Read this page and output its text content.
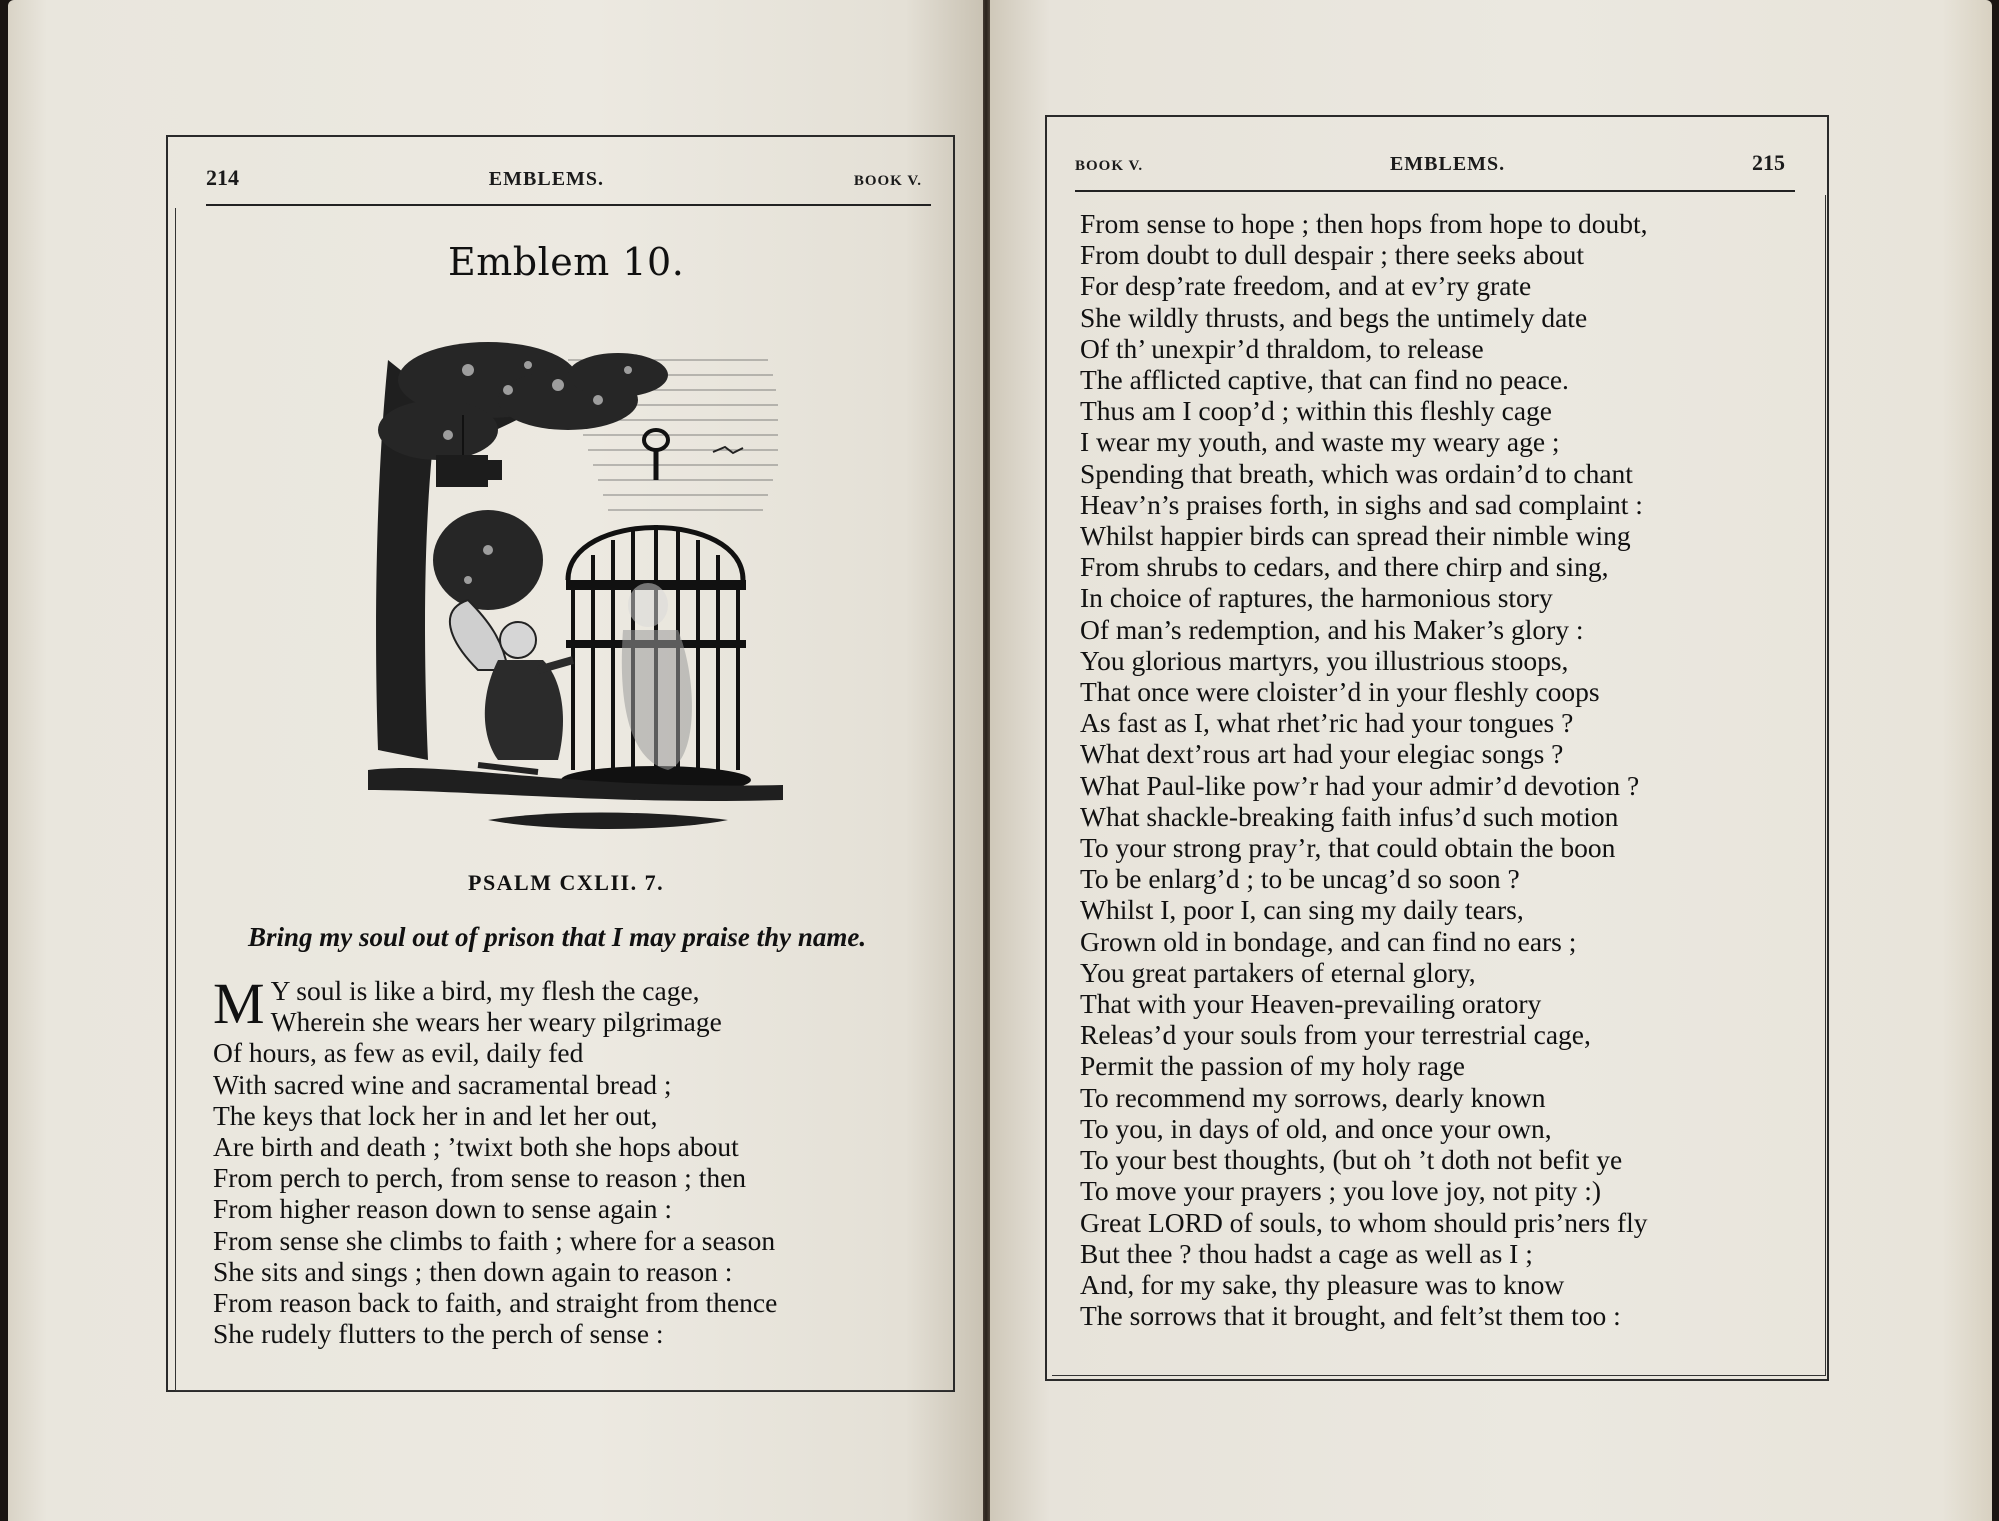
214	EMBLEMS.	BOOK V.
Emblem 10.
PSALM CXLII. 7.
Bring my soul out of prison that I may praise thy name.
M Y soul is like a bird, my flesh the cage,
Wherein she wears her weary pilgrimage
Of hours, as few as evil, daily fed
With sacred wine and sacramental bread ;
The keys that lock her in and let her out,
Are birth and death ; ’twixt both she hops about
From perch to perch, from sense to reason ; then
From higher reason down to sense again :
From sense she climbs to faith ; where for a season
She sits and sings ; then down again to reason :
From reason back to faith, and straight from thence
She rudely flutters to the perch of sense :
BOOK V.	EMBLEMS.	215
From sense to hope ; then hops from hope to doubt,
From doubt to dull despair ; there seeks about
For desp’rate freedom, and at ev’ry grate
She wildly thrusts, and begs the untimely date
Of th’ unexpir’d thraldom, to release
The afflicted captive, that can find no peace.
Thus am I coop’d ; within this fleshly cage
I wear my youth, and waste my weary age ;
Spending that breath, which was ordain’d to chant
Heav’n’s praises forth, in sighs and sad complaint :
Whilst happier birds can spread their nimble wing
From shrubs to cedars, and there chirp and sing,
In choice of raptures, the harmonious story
Of man’s redemption, and his Maker’s glory :
You glorious martyrs, you illustrious stoops,
That once were cloister’d in your fleshly coops
As fast as I, what rhet’ric had your tongues ?
What dext’rous art had your elegiac songs ?
What Paul-like pow’r had your admir’d devotion ?
What shackle-breaking faith infus’d such motion
To your strong pray’r, that could obtain the boon
To be enlarg’d ; to be uncag’d so soon ?
Whilst I, poor I, can sing my daily tears,
Grown old in bondage, and can find no ears ;
You great partakers of eternal glory,
That with your Heaven-prevailing oratory
Releas’d your souls from your terrestrial cage,
Permit the passion of my holy rage
To recommend my sorrows, dearly known
To you, in days of old, and once your own,
To your best thoughts, (but oh ’t doth not befit ye
To move your prayers ; you love joy, not pity :)
Great LORD of souls, to whom should pris’ners fly
But thee ? thou hadst a cage as well as I ;
And, for my sake, thy pleasure was to know
The sorrows that it brought, and felt’st them too :
